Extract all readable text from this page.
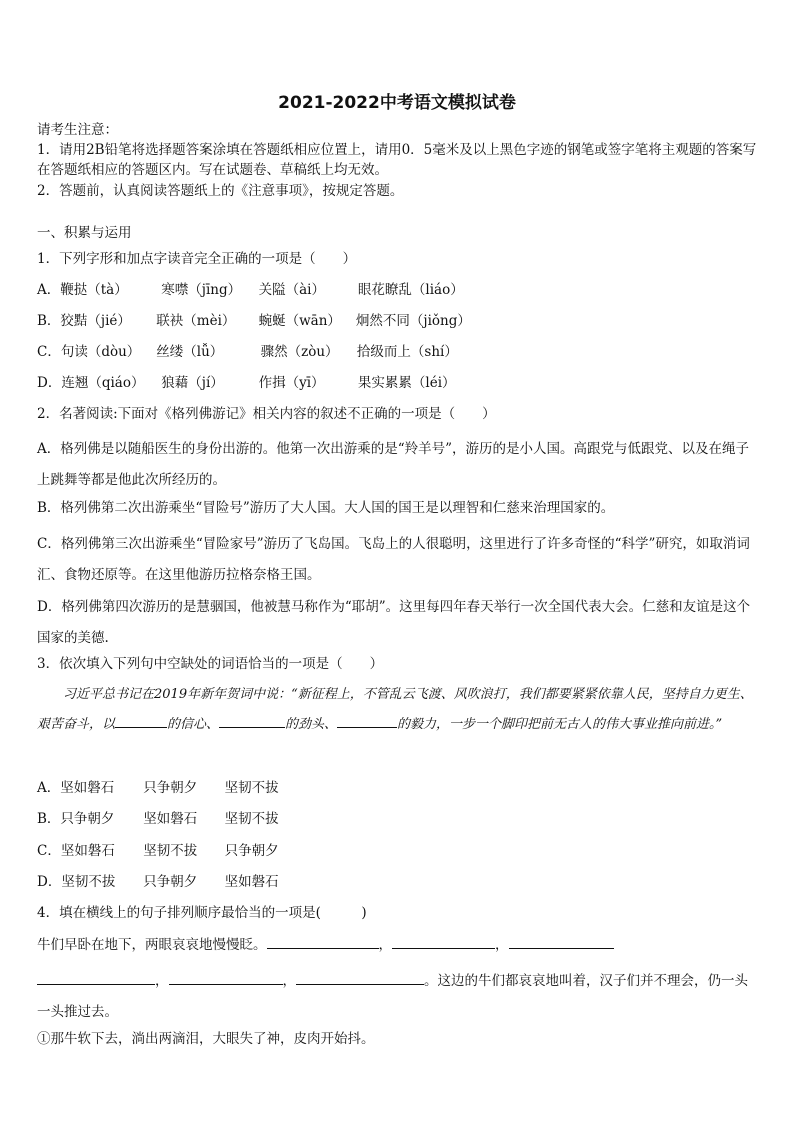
2021-2022中考语文模拟试卷
请考生注意：
1．请用2B铅笔将选择题答案涂填在答题纸相应位置上，请用0．5毫米及以上黑色字迹的钢笔或签字笔将主观题的答案写在答题纸相应的答题区内。写在试题卷、草稿纸上均无效。
2．答题前，认真阅读答题纸上的《注意事项》，按规定答题。
一、积累与运用
1．下列字形和加点字读音完全正确的一项是（　　）
A．鞭挞（tà） 寒噤（jīng） 关隘（ài） 眼花瞭乱（liáo）
B．狡黠（jié） 联袂（mèi） 蜿蜒（wān） 炯然不同（jiǒng）
C．句读（dòu） 丝缕（lǚ）	骤然（zòu） 拾级而上（shí）
D．连翘（qiáo） 狼藉（jí）	作揖（yī） 果实累累（léi）
2．名著阅读:下面对《格列佛游记》相关内容的叙述不正确的一项是（　　）
A．格列佛是以随船医生的身份出游的。他第一次出游乘的是“羚羊号”，游历的是小人国。高跟党与低跟党、以及在绳子上跳舞等都是他此次所经历的。
B．格列佛第二次出游乘坐“冒险号”游历了大人国。大人国的国王是以理智和仁慈来治理国家的。
C．格列佛第三次出游乘坐“冒险家号”游历了飞岛国。飞岛上的人很聪明，这里进行了许多奇怪的“科学”研究，如取消词汇、食物还原等。在这里他游历拉格奈格王国。
D．格列佛第四次游历的是慧骃国，他被慧马称作为“耶胡”。这里每四年春天举行一次全国代表大会。仁慈和友谊是这个国家的美德.
3．依次填入下列句中空缺处的词语恰当的一项是（　　）
习近平总书记在2019年新年贺词中说：“新征程上，不管乱云飞渡、风吹浪打，我们都要紧紧依靠人民，坚持自力更生、艰苦奋斗，以	的信心、	的劲头、	的毅力，一步一个脚印把前无古人的伟大事业推向前进。”
A．坚如磐石 只争朝夕 坚韧不拔
B．只争朝夕 坚如磐石 坚韧不拔
C．坚如磐石 坚韧不拔 只争朝夕
D．坚韧不拔 只争朝夕 坚如磐石
4．填在横线上的句子排列顺序最恰当的一项是(　　　)
牛们早卧在地下，两眼哀哀地慢慢眨。	，	，
，	，	。这边的牛们都哀哀地叫着，汉子们并不理会，仍一头一头推过去。
①那牛软下去，淌出两滴泪，大眼失了神，皮肉开始抖。
